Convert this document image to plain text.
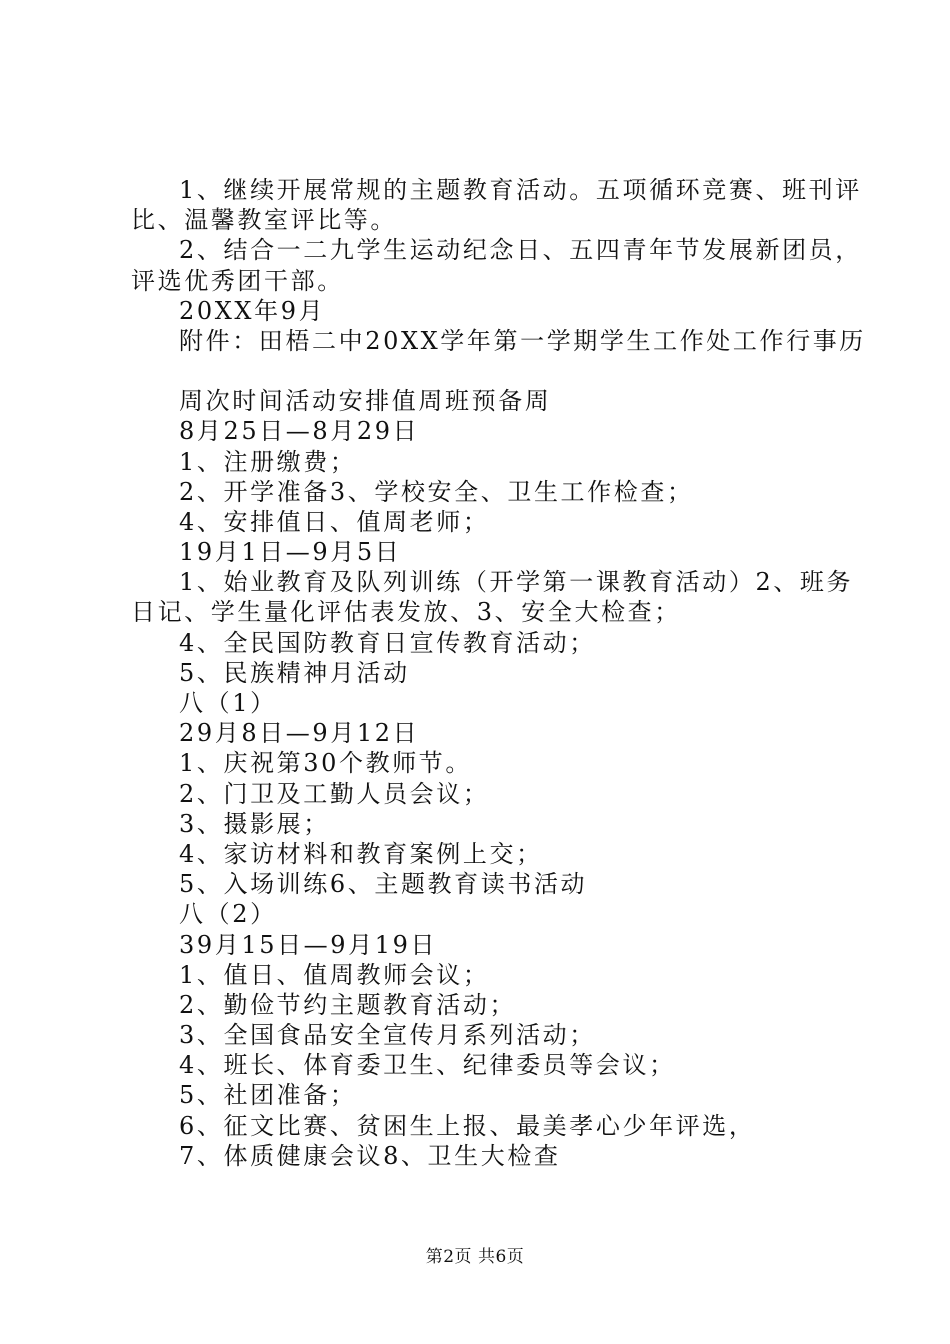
1、继续开展常规的主题教育活动。五项循环竞赛、班刊评
比、温馨教室评比等。
2、结合一二九学生运动纪念日、五四青年节发展新团员，
评选优秀团干部。
20XX年9月
附件：田梧二中20XX学年第一学期学生工作处工作行事历
周次时间活动安排值周班预备周
8月25日—8月29日
1、注册缴费；
2、开学准备3、学校安全、卫生工作检查；
4、安排值日、值周老师；
19月1日—9月5日
1、始业教育及队列训练（开学第一课教育活动）2、班务
日记、学生量化评估表发放、3、安全大检查；
4、全民国防教育日宣传教育活动；
5、民族精神月活动
八（1）
29月8日—9月12日
1、庆祝第30个教师节。
2、门卫及工勤人员会议；
3、摄影展；
4、家访材料和教育案例上交；
5、入场训练6、主题教育读书活动
八（2）
39月15日—9月19日
1、值日、值周教师会议；
2、勤俭节约主题教育活动；
3、全国食品安全宣传月系列活动；
4、班长、体育委卫生、纪律委员等会议；
5、社团准备；
6、征文比赛、贫困生上报、最美孝心少年评选，
7、体质健康会议8、卫生大检查
第2页 共6页
